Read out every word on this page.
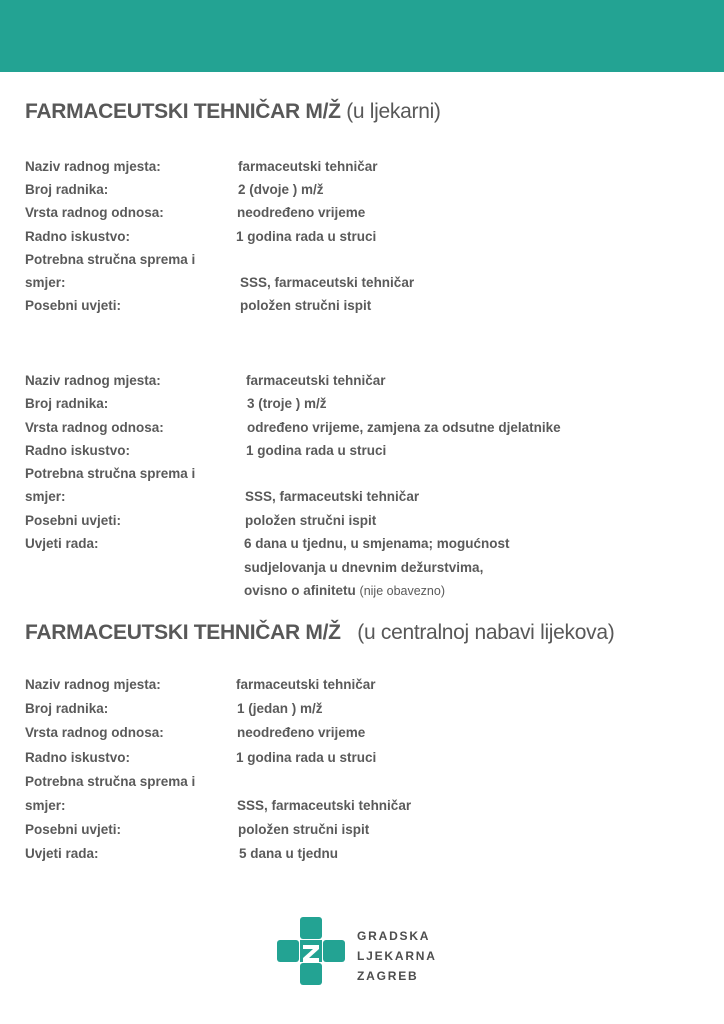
FARMACEUTSKI TEHNIČAR M/Ž (u ljekarni)
Naziv radnog mjesta:	farmaceutski tehničar
Broj radnika:	2 (dvoje ) m/ž
Vrsta radnog odnosa:	neodređeno vrijeme
Radno iskustvo:	1 godina rada u struci
Potrebna stručna sprema i
smjer:	SSS, farmaceutski tehničar
Posebni uvjeti:	položen stručni ispit
Naziv radnog mjesta:	farmaceutski tehničar
Broj radnika:	3 (troje ) m/ž
Vrsta radnog odnosa:	određeno vrijeme, zamjena za odsutne djelatnike
Radno iskustvo:	1 godina rada u struci
Potrebna stručna sprema i
smjer:	SSS, farmaceutski tehničar
Posebni uvjeti:	položen stručni ispit
Uvjeti rada:	6 dana u tjednu, u smjenama; mogućnost
sudjelovanja u dnevnim dežurstvima,
ovisno o afinitetu (nije obavezno)
FARMACEUTSKI TEHNIČAR M/Ž (u centralnoj nabavi lijekova)
Naziv radnog mjesta:	farmaceutski tehničar
Broj radnika:	1 (jedan ) m/ž
Vrsta radnog odnosa:	neodređeno vrijeme
Radno iskustvo:	1 godina rada u struci
Potrebna stručna sprema i
smjer:	SSS, farmaceutski tehničar
Posebni uvjeti:	položen stručni ispit
Uvjeti rada:	5 dana u tjednu
GRADSKA
LJEKARNA
ZAGREB
